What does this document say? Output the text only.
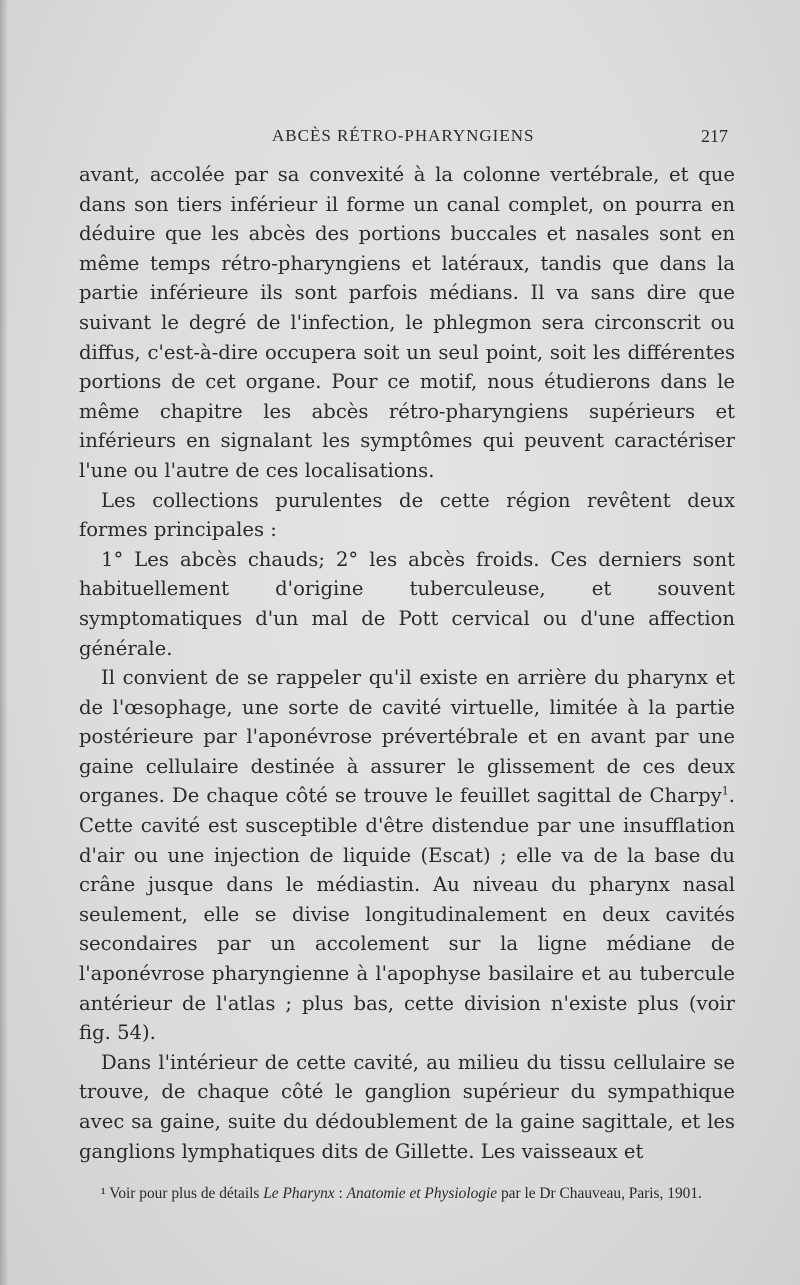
ABCÈS RÉTRO-PHARYNGIENS	217

avant, accolée par sa convexité à la colonne vertébrale, et que dans son tiers inférieur il forme un canal complet, on pourra en déduire que les abcès des portions buccales et nasales sont en même temps rétro-pharyngiens et latéraux, tandis que dans la partie inférieure ils sont parfois médians. Il va sans dire que suivant le degré de l'infection, le phlegmon sera circonscrit ou diffus, c'est-à-dire occupera soit un seul point, soit les différentes portions de cet organe. Pour ce motif, nous étudierons dans le même chapitre les abcès rétro-pharyngiens supérieurs et inférieurs en signalant les symptômes qui peuvent caractériser l'une ou l'autre de ces localisations.

Les collections purulentes de cette région revêtent deux formes principales :

1° Les abcès chauds; 2° les abcès froids. Ces derniers sont habituellement d'origine tuberculeuse, et souvent symptomatiques d'un mal de Pott cervical ou d'une affection générale.

Il convient de se rappeler qu'il existe en arrière du pharynx et de l'œsophage, une sorte de cavité virtuelle, limitée à la partie postérieure par l'aponévrose prévertébrale et en avant par une gaine cellulaire destinée à assurer le glissement de ces deux organes. De chaque côté se trouve le feuillet sagittal de Charpy$^1$. Cette cavité est susceptible d'être distendue par une insufflation d'air ou une injection de liquide (Escat) ; elle va de la base du crâne jusque dans le médiastin. Au niveau du pharynx nasal seulement, elle se divise longitudinalement en deux cavités secondaires par un accolement sur la ligne médiane de l'aponévrose pharyngienne à l'apophyse basilaire et au tubercule antérieur de l'atlas ; plus bas, cette division n'existe plus (voir fig. 54).

Dans l'intérieur de cette cavité, au milieu du tissu cellulaire se trouve, de chaque côté le ganglion supérieur du sympathique avec sa gaine, suite du dédoublement de la gaine sagittale, et les ganglions lymphatiques dits de Gillette. Les vaisseaux et

¹ Voir pour plus de détails Le Pharynx : Anatomie et Physiologie par le Dr Chauveau, Paris, 1901.
